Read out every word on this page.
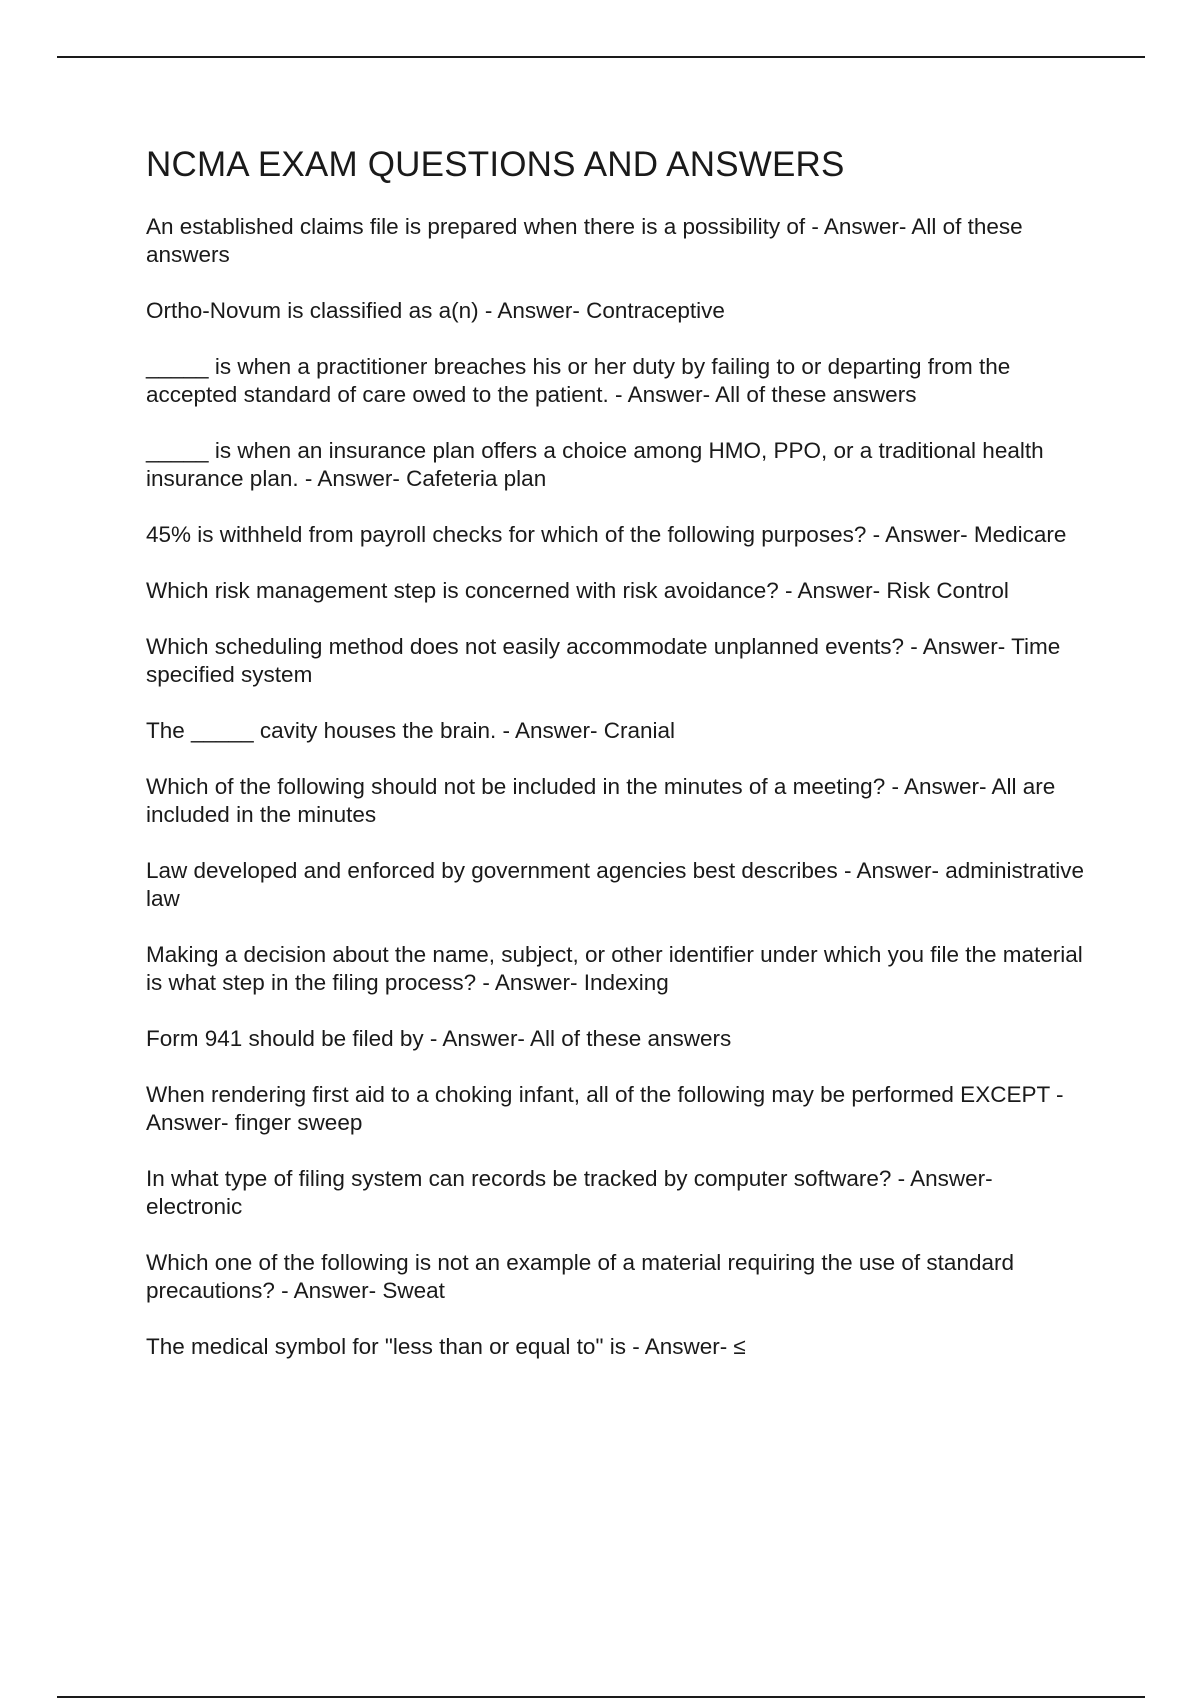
NCMA EXAM QUESTIONS AND ANSWERS
An established claims file is prepared when there is a possibility of - Answer- All of these answers
Ortho-Novum is classified as a(n) - Answer- Contraceptive
_____ is when a practitioner breaches his or her duty by failing to or departing from the accepted standard of care owed to the patient. - Answer- All of these answers
_____ is when an insurance plan offers a choice among HMO, PPO, or a traditional health insurance plan. - Answer- Cafeteria plan
45% is withheld from payroll checks for which of the following purposes? - Answer- Medicare
Which risk management step is concerned with risk avoidance? - Answer- Risk Control
Which scheduling method does not easily accommodate unplanned events? - Answer- Time specified system
The _____ cavity houses the brain. - Answer- Cranial
Which of the following should not be included in the minutes of a meeting? - Answer- All are included in the minutes
Law developed and enforced by government agencies best describes - Answer- administrative law
Making a decision about the name, subject, or other identifier under which you file the material is what step in the filing process? - Answer- Indexing
Form 941 should be filed by - Answer- All of these answers
When rendering first aid to a choking infant, all of the following may be performed EXCEPT - Answer- finger sweep
In what type of filing system can records be tracked by computer software? - Answer- electronic
Which one of the following is not an example of a material requiring the use of standard precautions? - Answer- Sweat
The medical symbol for "less than or equal to" is - Answer- ≤
